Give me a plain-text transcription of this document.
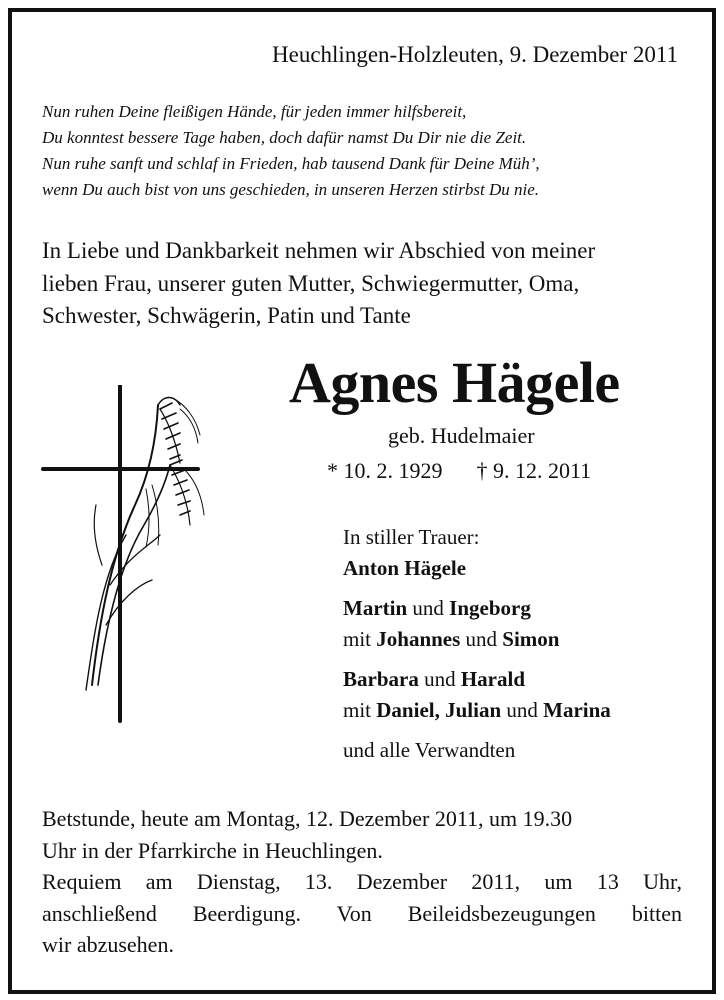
Heuchlingen-Holzleuten, 9. Dezember 2011
Nun ruhen Deine fleißigen Hände, für jeden immer hilfsbereit,
Du konntest bessere Tage haben, doch dafür namst Du Dir nie die Zeit.
Nun ruhe sanft und schlaf in Frieden, hab tausend Dank für Deine Müh’,
wenn Du auch bist von uns geschieden, in unseren Herzen stirbst Du nie.
In Liebe und Dankbarkeit nehmen wir Abschied von meiner
lieben Frau, unserer guten Mutter, Schwiegermutter, Oma,
Schwester, Schwägerin, Patin und Tante
Agnes Hägele
geb. Hudelmaier
* 10. 2. 1929 † 9. 12. 2011
In stiller Trauer:
Anton Hägele
Martin und Ingeborg
mit Johannes und Simon
Barbara und Harald
mit Daniel, Julian und Marina
und alle Verwandten
Betstunde, heute am Montag, 12. Dezember 2011, um 19.30
Uhr in der Pfarrkirche in Heuchlingen.
Requiem am Dienstag, 13. Dezember 2011, um 13 Uhr,
anschließend Beerdigung. Von Beileidsbezeugungen bitten
wir abzusehen.
